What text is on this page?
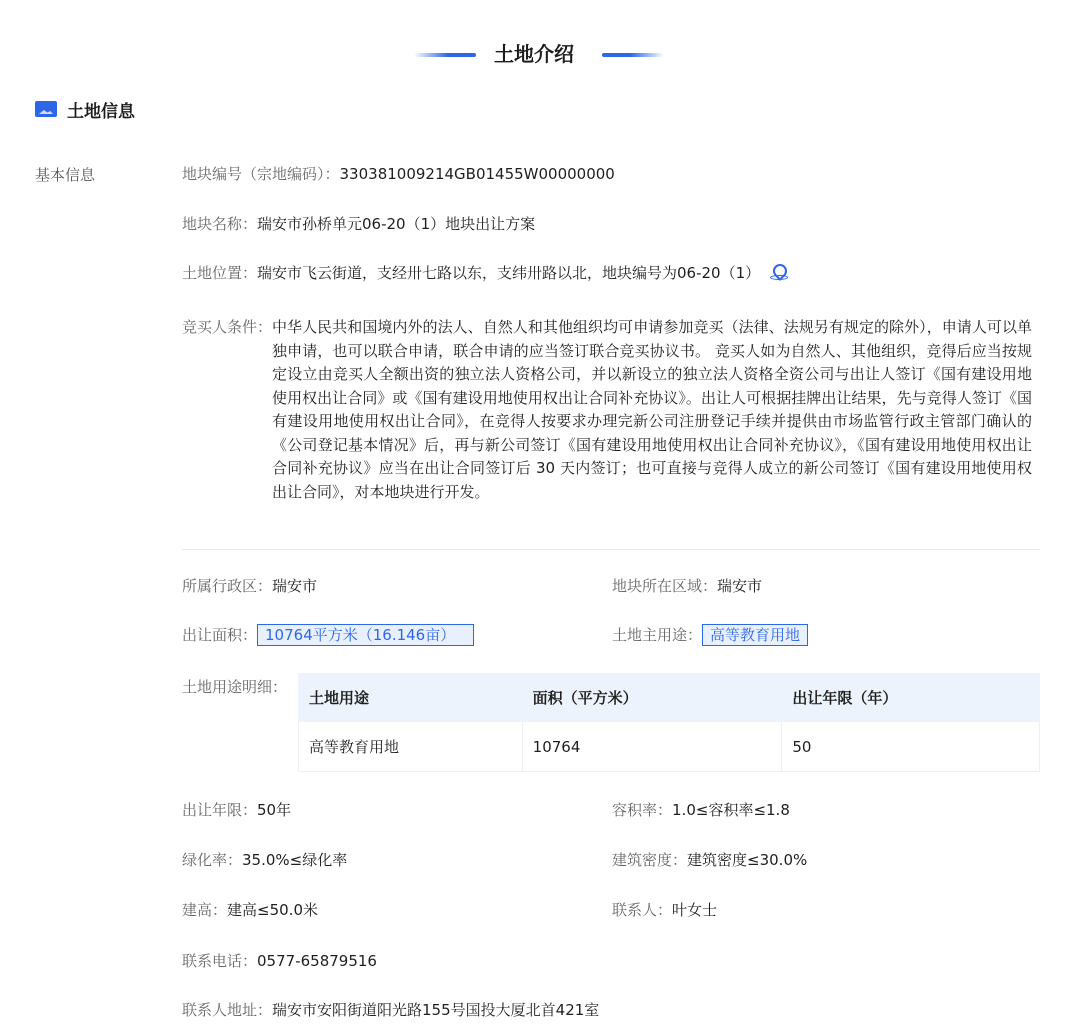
土地介绍
土地信息
基本信息	地块编号（宗地编码）：330381009214GB01455W00000000
地块名称：瑞安市孙桥单元06-20（1）地块出让方案
土地位置：瑞安市飞云街道，支经卅七路以东，支纬卅路以北，地块编号为06-20（1）
竞买人条件： 中华人民共和国境内外的法人、自然人和其他组织均可申请参加竞买（法律、法规另有规定的除外），申请人可以单独申请，也可以联合申请，联合申请的应当签订联合竞买协议书。 竞买人如为自然人、其他组织，竞得后应当按规定设立由竞买人全额出资的独立法人资格公司，并以新设立的独立法人资格全资公司与出让人签订《国有建设用地使用权出让合同》或《国有建设用地使用权出让合同补充协议》。出让人可根据挂牌出让结果，先与竞得人签订《国有建设用地使用权出让合同》，在竞得人按要求办理完新公司注册登记手续并提供由市场监管行政主管部门确认的《公司登记基本情况》后，再与新公司签订《国有建设用地使用权出让合同补充协议》，《国有建设用地使用权出让合同补充协议》应当在出让合同签订后 30 天内签订；也可直接与竞得人成立的新公司签订《国有建设用地使用权出让合同》，对本地块进行开发。
所属行政区：瑞安市	地块所在区域：瑞安市
出让面积： 10764平方米（16.146亩）	土地主用途： 高等教育用地
土地用途明细：
土地用途	面积（平方米）	出让年限（年）
高等教育用地	10764	50
出让年限：50年	容积率：1.0≤容积率≤1.8
绿化率：35.0%≤绿化率	建筑密度：建筑密度≤30.0%
建高：建高≤50.0米	联系人：叶女士
联系电话：0577-65879516
联系人地址：瑞安市安阳街道阳光路155号国投大厦北首421室
